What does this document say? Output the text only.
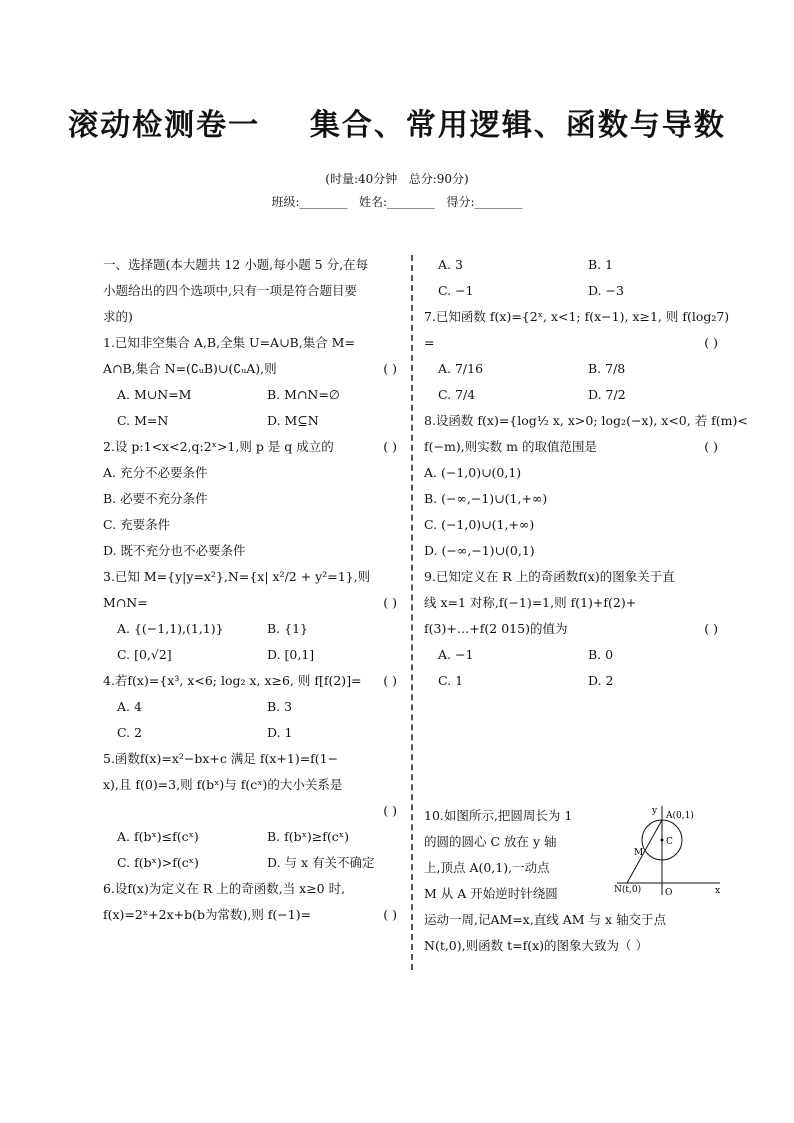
滚动检测卷一    集合、常用逻辑、函数与导数
(时量:40分钟   总分:90分)
班级:________   姓名:________   得分:________
一、选择题(本大题共 12 小题,每小题 5 分,在每
小题给出的四个选项中,只有一项是符合题目要
求的)
1.已知非空集合 A,B,全集 U=A∪B,集合 M=
A∩B,集合 N=(∁ᵤB)∪(∁ᵤA),则	( )
A. M∪N=M	B. M∩N=∅
C. M=N	D. M⊆N
2.设 p:1<x<2,q:2ˣ>1,则 p 是 q 成立的	( )
A. 充分不必要条件
B. 必要不充分条件
C. 充要条件
D. 既不充分也不必要条件
3.已知 M={y|y=x²},N={x| x²/2 + y²=1},则
M∩N=	( )
A. {(−1,1),(1,1)}	B. {1}
C. [0,√2]	D. [0,1]
4.若f(x)={x³, x<6; log₂ x, x≥6, 则 f[f(2)]= ( )
A. 4	B. 3
C. 2	D. 1
5.函数f(x)=x²−bx+c 满足 f(x+1)=f(1−
x),且 f(0)=3,则 f(bˣ)与 f(cˣ)的大小关系是
( )
A. f(bˣ)≤f(cˣ)	B. f(bˣ)≥f(cˣ)
C. f(bˣ)>f(cˣ)	D. 与 x 有关不确定
6.设f(x)为定义在 R 上的奇函数,当 x≥0 时,
f(x)=2ˣ+2x+b(b为常数),则 f(−1)=	( )
A. 3	B. 1
C. −1	D. −3
7.已知函数 f(x)={2ˣ, x<1; f(x−1), x≥1, 则 f(log₂7)
=	( )
A. 7/16	B. 7/8
C. 7/4	D. 7/2
8.设函数 f(x)={log½ x, x>0; log₂(−x), x<0, 若 f(m)<
f(−m),则实数 m 的取值范围是	( )
A. (−1,0)∪(0,1)
B. (−∞,−1)∪(1,+∞)
C. (−1,0)∪(1,+∞)
D. (−∞,−1)∪(0,1)
9.已知定义在 R 上的奇函数f(x)的图象关于直
线 x=1 对称,f(−1)=1,则 f(1)+f(2)+
f(3)+…+f(2 015)的值为	( )
A. −1	B. 0
C. 1	D. 2
10.如图所示,把圆周长为 1
的圆的圆心 C 放在 y 轴
上,顶点 A(0,1),一动点
M 从 A 开始逆时针绕圆
运动一周,记AM=x,直线 AM 与 x 轴交于点
N(t,0),则函数 t=f(x)的图象大致为（ ）
y
x
O
A(0,1)
C
M
N(t,0)
